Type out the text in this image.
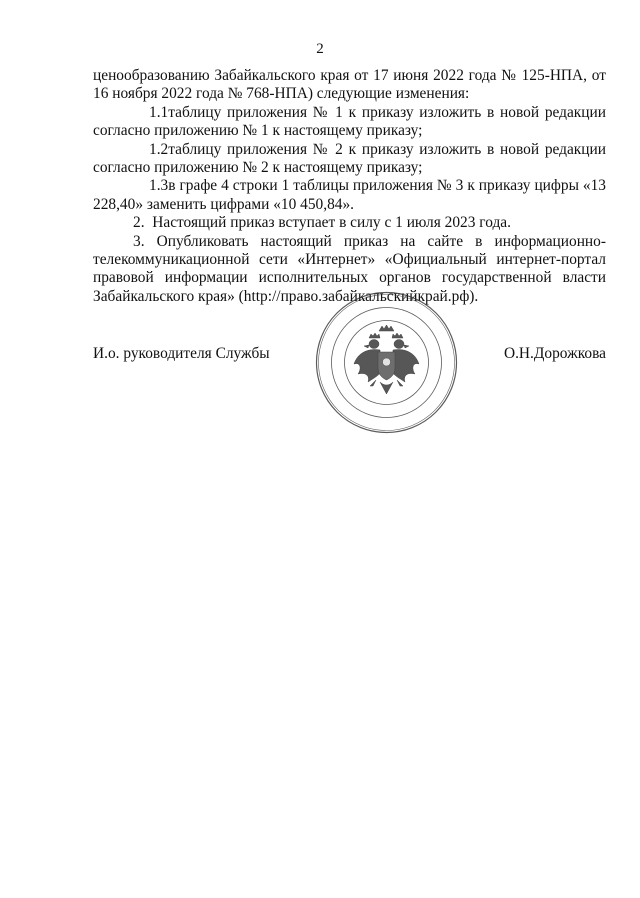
2

ценообразованию Забайкальского края от 17 июня 2022 года № 125-НПА, от 16 ноября 2022 года № 768-НПА) следующие изменения:

1.1таблицу приложения № 1 к приказу изложить в новой редакции согласно приложению № 1 к настоящему приказу;

1.2таблицу приложения № 2 к приказу изложить в новой редакции согласно приложению № 2 к настоящему приказу;

1.3в графе 4 строки 1 таблицы приложения № 3 к приказу цифры «13 228,40» заменить цифрами «10 450,84».

2. Настоящий приказ вступает в силу с 1 июля 2023 года.

3. Опубликовать настоящий приказ на сайте в информационно-телекоммуникационной сети «Интернет» «Официальный интернет-портал правовой информации исполнительных органов государственной власти Забайкальского края» (http://право.забайкальскийкрай.рф).

И.о. руководителя Службы	О.Н.Дорожкова
